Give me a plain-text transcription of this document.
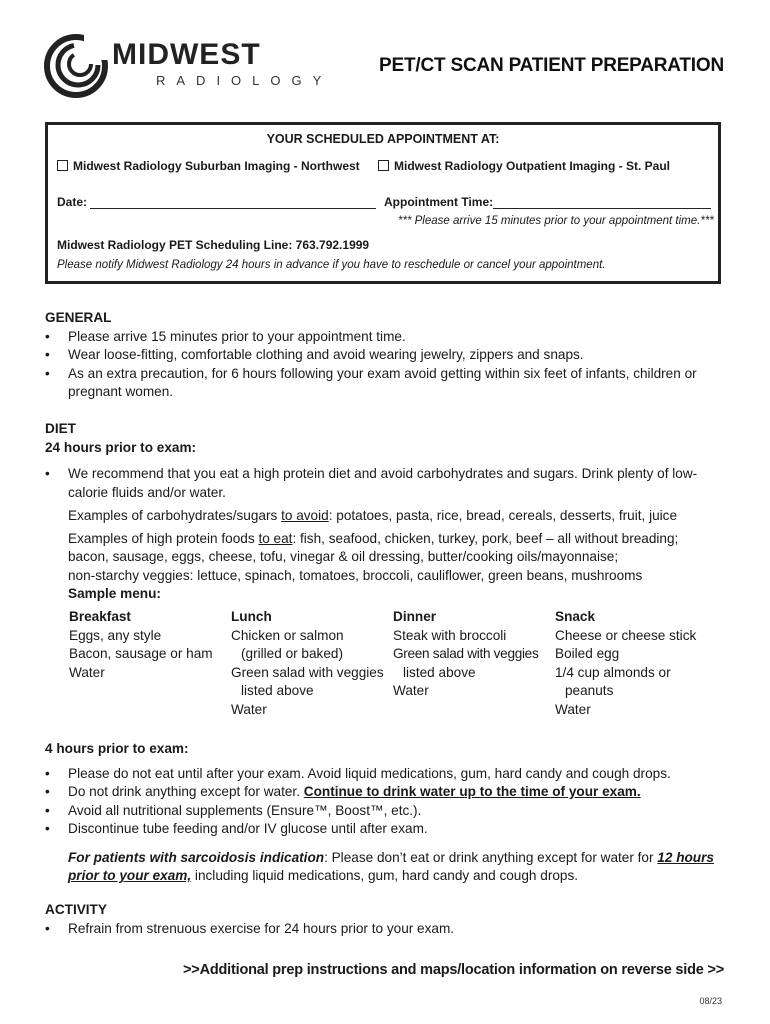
MIDWEST
RADIOLOGY
PET/CT SCAN PATIENT PREPARATION
YOUR SCHEDULED APPOINTMENT AT:
Midwest Radiology Suburban Imaging - Northwest	Midwest Radiology Outpatient Imaging - St. Paul
Date:	Appointment Time:
*** Please arrive 15 minutes prior to your appointment time.***
Midwest Radiology PET Scheduling Line: 763.792.1999
Please notify Midwest Radiology 24 hours in advance if you have to reschedule or cancel your appointment.
GENERAL
• Please arrive 15 minutes prior to your appointment time.
• Wear loose-fitting, comfortable clothing and avoid wearing jewelry, zippers and snaps.
• As an extra precaution, for 6 hours following your exam avoid getting within six feet of infants, children or pregnant women.
DIET
24 hours prior to exam:
• We recommend that you eat a high protein diet and avoid carbohydrates and sugars. Drink plenty of low-calorie fluids and/or water.
Examples of carbohydrates/sugars to avoid: potatoes, pasta, rice, bread, cereals, desserts, fruit, juice
Examples of high protein foods to eat: fish, seafood, chicken, turkey, pork, beef – all without breading;
bacon, sausage, eggs, cheese, tofu, vinegar & oil dressing, butter/cooking oils/mayonnaise;
non-starchy veggies: lettuce, spinach, tomatoes, broccoli, cauliflower, green beans, mushrooms
Sample menu:
Breakfast
Eggs, any style
Bacon, sausage or ham
Water
Lunch
Chicken or salmon
(grilled or baked)
Green salad with veggies
listed above
Water
Dinner
Steak with broccoli
Green salad with veggies
listed above
Water
Snack
Cheese or cheese stick
Boiled egg
1/4 cup almonds or
peanuts
Water
4 hours prior to exam:
• Please do not eat until after your exam. Avoid liquid medications, gum, hard candy and cough drops.
• Do not drink anything except for water. Continue to drink water up to the time of your exam.
• Avoid all nutritional supplements (Ensure™, Boost™, etc.).
• Discontinue tube feeding and/or IV glucose until after exam.
For patients with sarcoidosis indication: Please don’t eat or drink anything except for water for 12 hours
prior to your exam, including liquid medications, gum, hard candy and cough drops.
ACTIVITY
• Refrain from strenuous exercise for 24 hours prior to your exam.
>>Additional prep instructions and maps/location information on reverse side >>
08/23
